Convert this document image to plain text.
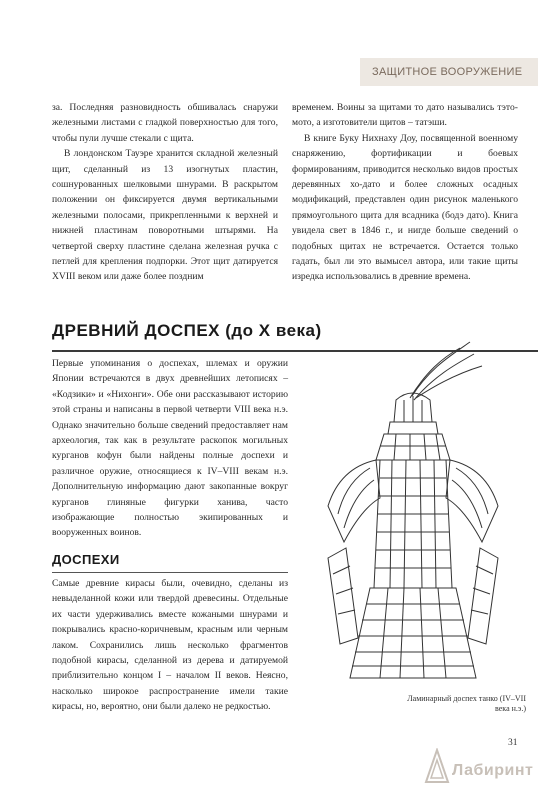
ЗАЩИТНОЕ ВООРУЖЕНИЕ

за. Последняя разновидность обшивалась снаружи железными листами с гладкой поверхностью для того, чтобы пули лучше стекали с щита.

В лондонском Тауэре хранится складной железный щит, сделанный из 13 изогнутых пластин, сошнурованных шелковыми шнурами. В раскрытом положении он фиксируется двумя вертикальными железными полосами, прикрепленными к верхней и нижней пластинам поворотными штырями. На четвертой сверху пластине сделана железная ручка с петлей для крепления подпорки. Этот щит датируется XVIII веком или даже более поздним

временем. Воины за щитами то дато назывались тэто-мото, а изготовители щитов – татэши.

В книге Буку Нихнаху Доу, посвященной военному снаряжению, фортификации и боевых формированиям, приводится несколько видов простых деревянных хо-дато и более сложных осадных модификаций, представлен один рисунок маленького прямоугольного щита для всадника (бодэ дато). Книга увидела свет в 1846 г., и нигде больше сведений о подобных щитах не встречается. Остается только гадать, был ли это вымысел автора, или такие щиты изредка использовались в древние времена.

ДРЕВНИЙ ДОСПЕХ (до X века)

Первые упоминания о доспехах, шлемах и оружии Японии встречаются в двух древнейших летописях – «Кодзики» и «Нихонги». Обе они рассказывают историю этой страны и написаны в первой четверти VIII века н.э. Однако значительно больше сведений предоставляет нам археология, так как в результате раскопок могильных курганов кофун были найдены полные доспехи и различное оружие, относящиеся к IV–VIII векам н.э. Дополнительную информацию дают закопанные вокруг курганов глиняные фигурки ханива, часто изображающие полностью экипированных и вооруженных воинов.

ДОСПЕХИ

Самые древние кирасы были, очевидно, сделаны из невыделанной кожи или твердой древесины. Отдельные их части удерживались вместе кожаными шнурами и покрывались красно-коричневым, красным или черным лаком. Сохранились лишь несколько фрагментов подобной кирасы, сделанной из дерева и датируемой приблизительно концом I – началом II веков. Неясно, насколько широкое распространение имели такие кирасы, но, вероятно, они были далеко не редкостью.

Ламинарный доспех танко (IV–VII века н.э.)
31
Лабиринт
